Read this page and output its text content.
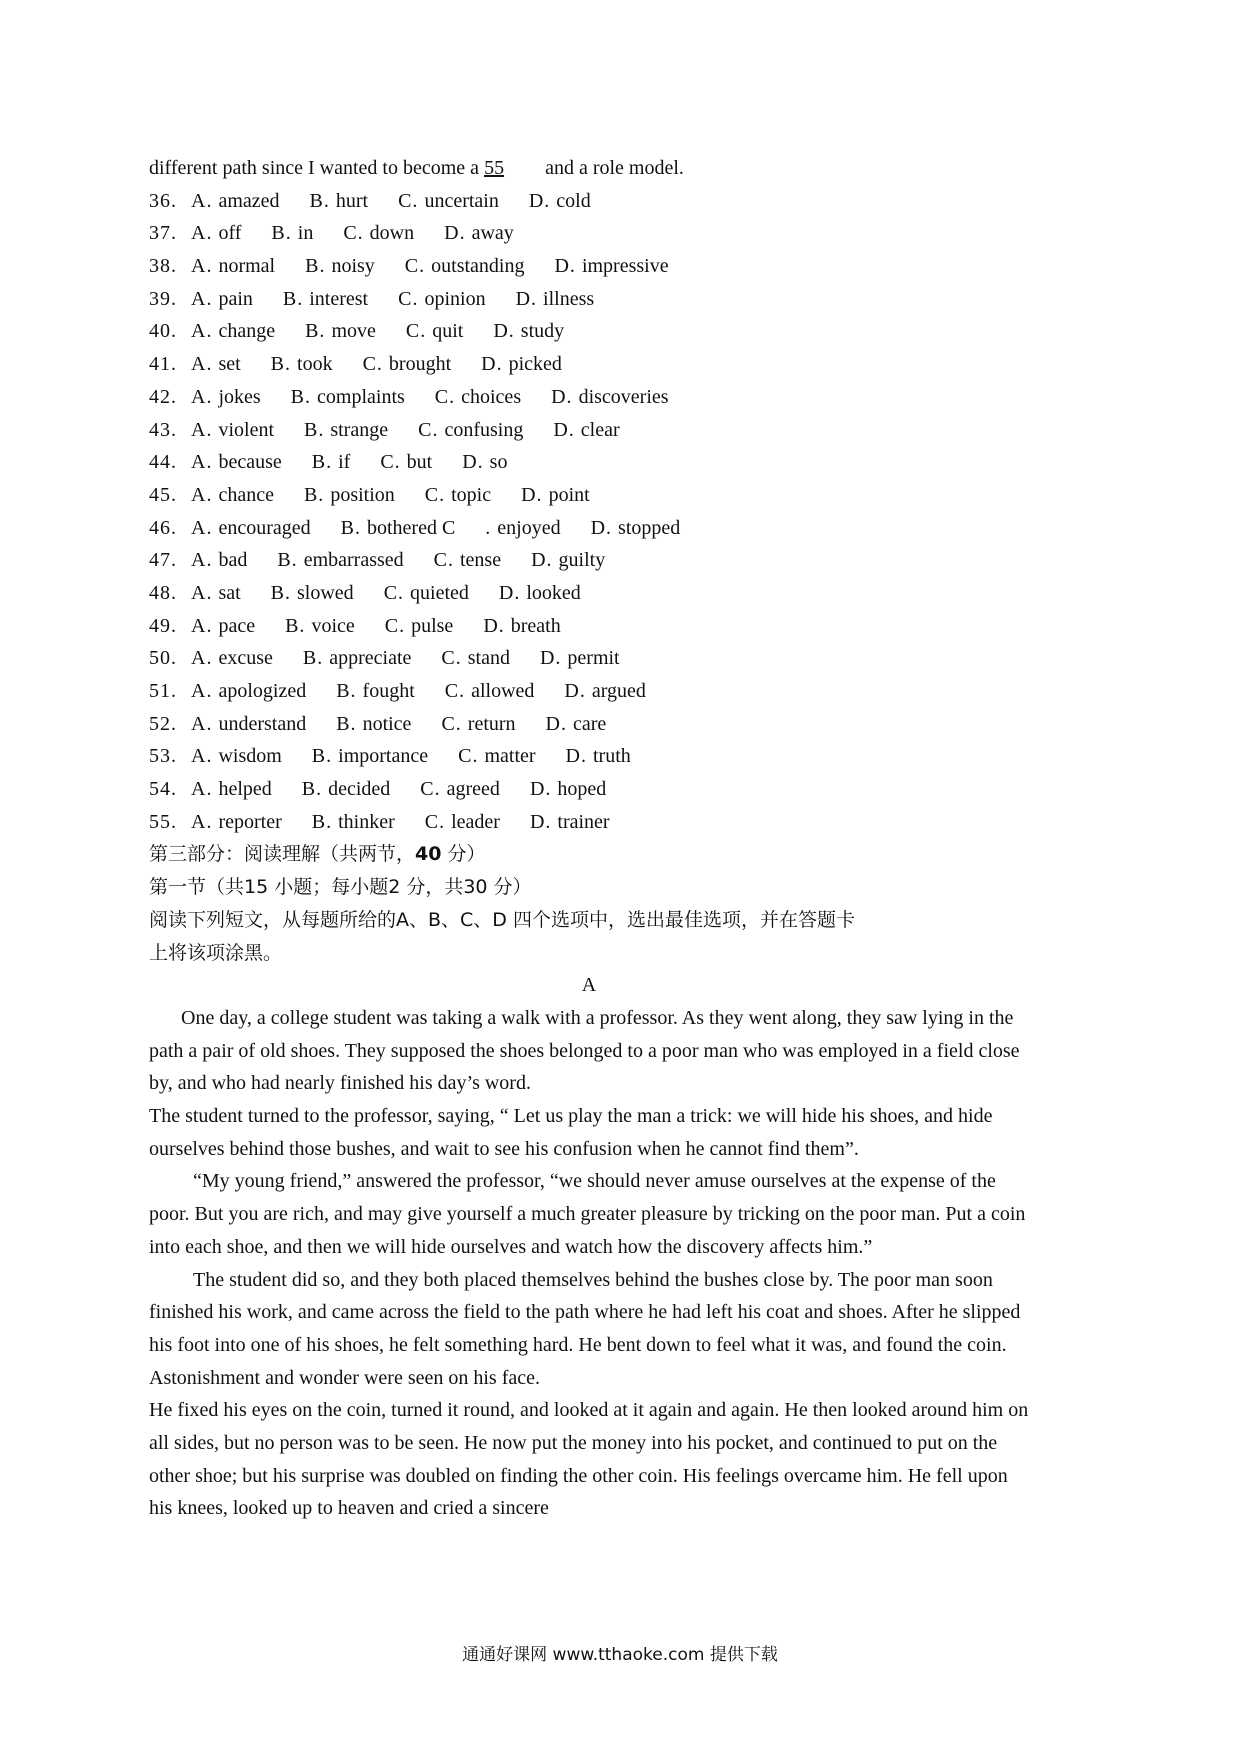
different path since I wanted to become a 55 and a role model.
36. A. amazed B. hurt C. uncertain D. cold
37. A. off B. in C. down D. away
38. A. normal B. noisy C. outstanding D. impressive
39. A. pain B. interest C. opinion D. illness
40. A. change B. move C. quit D. study
41. A. set B. took C. brought D. picked
42. A. jokes B. complaints C. choices D. discoveries
43. A. violent B. strange C. confusing D. clear
44. A. because B. if C. but D. so
45. A. chance B. position C. topic D. point
46. A. encouraged B. bothered C . enjoyed D. stopped
47. A. bad B. embarrassed C. tense D. guilty
48. A. sat B. slowed C. quieted D. looked
49. A. pace B. voice C. pulse D. breath
50. A. excuse B. appreciate C. stand D. permit
51. A. apologized B. fought C. allowed D. argued
52. A. understand B. notice C. return D. care
53. A. wisdom B. importance C. matter D. truth
54. A. helped B. decided C. agreed D. hoped
55. A. reporter B. thinker C. leader D. trainer
第三部分：阅读理解（共两节，40 分）
第一节（共15 小题；每小题2 分，共30 分）
阅读下列短文，从每题所给的A、B、C、D 四个选项中，选出最佳选项，并在答题卡
上将该项涂黑。
A

One day, a college student was taking a walk with a professor. As they went along, they saw lying in the path a pair of old shoes. They supposed the shoes belonged to a poor man who was employed in a field close by, and who had nearly finished his day’s word.

The student turned to the professor, saying, “ Let us play the man a trick: we will hide his shoes, and hide ourselves behind those bushes, and wait to see his confusion when he cannot find them”.

“My young friend,” answered the professor, “we should never amuse ourselves at the expense of the poor. But you are rich, and may give yourself a much greater pleasure by tricking on the poor man. Put a coin into each shoe, and then we will hide ourselves and watch how the discovery affects him.”

The student did so, and they both placed themselves behind the bushes close by. The poor man soon finished his work, and came across the field to the path where he had left his coat and shoes. After he slipped his foot into one of his shoes, he felt something hard. He bent down to feel what it was, and found the coin. Astonishment and wonder were seen on his face.

He fixed his eyes on the coin, turned it round, and looked at it again and again. He then looked around him on all sides, but no person was to be seen. He now put the money into his pocket, and continued to put on the other shoe; but his surprise was doubled on finding the other coin. His feelings overcame him. He fell upon his knees, looked up to heaven and cried a sincere

通通好课网 www.tthaoke.com 提供下载
